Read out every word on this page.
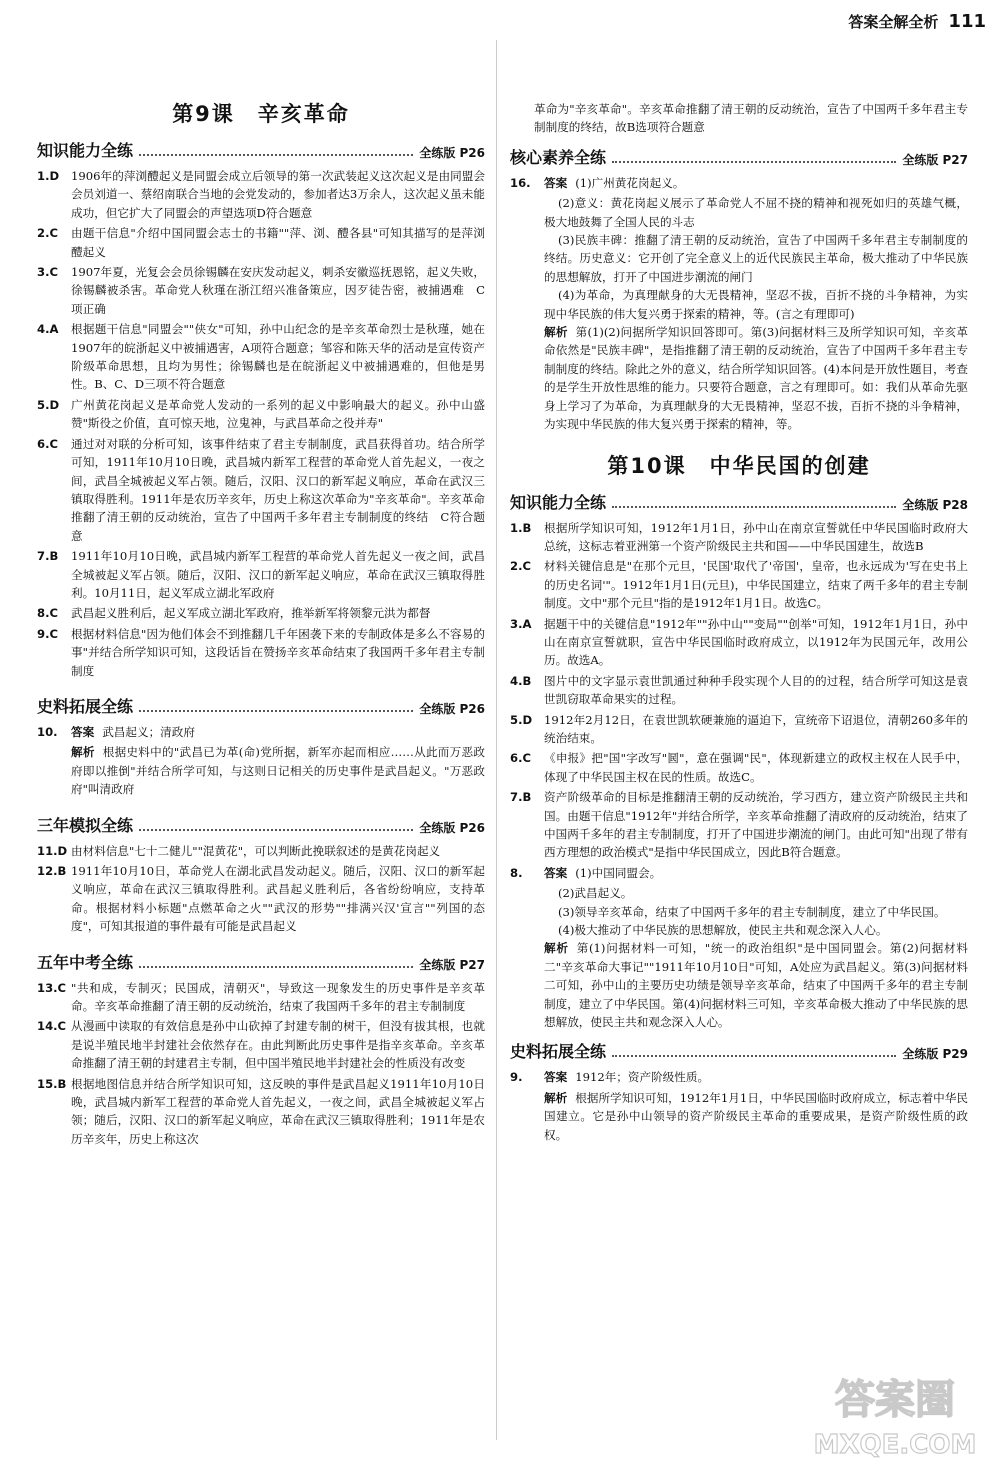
答案全解全析 111
第9课　辛亥革命
知识能力全练	全练版 P26
1.D	1906年的萍浏醴起义是同盟会成立后领导的第一次武装起义这次起义是由同盟会会员刘道一、蔡绍南联合当地的会党发动的，参加者达3万余人，这次起义虽未能成功，但它扩大了同盟会的声望选项D符合题意
2.C	由题干信息"介绍中国同盟会志士的书籍""萍、浏、醴各县"可知其描写的是萍浏醴起义
3.C	1907年夏，光复会会员徐锡麟在安庆发动起义，刺杀安徽巡抚恩铭，起义失败，徐锡麟被杀害。革命党人秋瑾在浙江绍兴准备策应，因歹徒告密，被捕遇难　C项正确
4.A	根据题干信息"同盟会""侠女"可知，孙中山纪念的是辛亥革命烈士是秋瑾，她在1907年的皖浙起义中被捕遇害，A项符合题意；邹容和陈天华的活动是宣传资产阶级革命思想，且均为男性；徐锡麟也是在皖浙起义中被捕遇难的，但他是男性。B、C、D三项不符合题意
5.D	广州黄花岗起义是革命党人发动的一系列的起义中影响最大的起义。孙中山盛赞"斯役之价值，直可惊天地，泣鬼神，与武昌革命之役并寿"
6.C	通过对对联的分析可知，该事件结束了君主专制制度，武昌获得首功。结合所学可知，1911年10月10日晚，武昌城内新军工程营的革命党人首先起义，一夜之间，武昌全城被起义军占领。随后，汉阳、汉口的新军起义响应，革命在武汉三镇取得胜利。1911年是农历辛亥年，历史上称这次革命为"辛亥革命"。辛亥革命推翻了清王朝的反动统治，宣告了中国两千多年君主专制制度的终结　C符合题意
7.B	1911年10月10日晚，武昌城内新军工程营的革命党人首先起义一夜之间，武昌全城被起义军占领。随后，汉阳、汉口的新军起义响应，革命在武汉三镇取得胜利。10月11日，起义军成立湖北军政府
8.C	武昌起义胜利后，起义军成立湖北军政府，推举新军将领黎元洪为都督
9.C	根据材料信息"因为他们体会不到推翻几千年困袭下来的专制政体是多么不容易的事"并结合所学知识可知，这段话旨在赞扬辛亥革命结束了我国两千多年君主专制制度
史料拓展全练	全练版 P26
10.	答案 武昌起义；清政府
解析 根据史料中的"武昌已为革(命)党所据，新军亦起而相应……从此而万恶政府即以推倒"并结合所学可知，与这则日记相关的历史事件是武昌起义。"万恶政府"叫清政府
三年模拟全练	全练版 P26
11.D 由材料信息"七十二健儿""混黄花"，可以判断此挽联叙述的是黄花岗起义
12.B 1911年10月10日，革命党人在湖北武昌发动起义。随后，汉阳、汉口的新军起义响应，革命在武汉三镇取得胜利。武昌起义胜利后，各省纷纷响应，支持革命。根据材料小标题"点燃革命之火""武汉的形势""排满兴汉'宣言""列国的态度"，可知其报道的事件最有可能是武昌起义
五年中考全练	全练版 P27
13.C "共和成，专制灭；民国成，清朝灭"，导致这一现象发生的历史事件是辛亥革命。辛亥革命推翻了清王朝的反动统治，结束了我国两千多年的君主专制制度
14.C 从漫画中读取的有效信息是孙中山砍掉了封建专制的树干，但没有拔其根，也就是说半殖民地半封建社会依然存在。由此判断此历史事件是指辛亥革命。辛亥革命推翻了清王朝的封建君主专制，但中国半殖民地半封建社会的性质没有改变
15.B 根据地图信息并结合所学知识可知，这反映的事件是武昌起义1911年10月10日晚，武昌城内新军工程营的革命党人首先起义，一夜之间，武昌全城被起义军占领；随后，汉阳、汉口的新军起义响应，革命在武汉三镇取得胜利；1911年是农历辛亥年，历史上称这次
革命为"辛亥革命"。辛亥革命推翻了清王朝的反动统治，宣告了中国两千多年君主专制制度的终结，故B选项符合题意
核心素养全练	全练版 P27
16.	答案 (1)广州黄花岗起义。
(2)意义：黄花岗起义展示了革命党人不屈不挠的精神和视死如归的英雄气概，极大地鼓舞了全国人民的斗志
(3)民族丰碑：推翻了清王朝的反动统治，宣告了中国两千多年君主专制制度的终结。历史意义：它开创了完全意义上的近代民族民主革命，极大推动了中华民族的思想解放，打开了中国进步潮流的闸门
(4)为革命，为真理献身的大无畏精神，坚忍不拔，百折不挠的斗争精神，为实现中华民族的伟大复兴勇于探索的精神，等。(言之有理即可)
解析 第(1)(2)问据所学知识回答即可。第(3)问据材料三及所学知识可知，辛亥革命依然是"民族丰碑"，是指推翻了清王朝的反动统治，宣告了中国两千多年君主专制制度的终结。除此之外的意义，结合所学知识回答。(4)本问是开放性题目，考查的是学生开放性思维的能力。只要符合题意，言之有理即可。如：我们从革命先驱身上学习了为革命，为真理献身的大无畏精神，坚忍不拔，百折不挠的斗争精神，为实现中华民族的伟大复兴勇于探索的精神，等。
第10课　中华民国的创建
知识能力全练	全练版 P28
1.B	根据所学知识可知，1912年1月1日，孙中山在南京宣誓就任中华民国临时政府大总统，这标志着亚洲第一个资产阶级民主共和国——中华民国建生，故选B
2.C	材料关键信息是"在那个元旦，'民国'取代了'帝国'，皇帝，也永远成为'写在史书上的历史名词'"。1912年1月1日(元旦)，中华民国建立，结束了两千多年的君主专制制度。文中"那个元旦"指的是1912年1月1日。故选C。
3.A	据题干中的关键信息"1912年""孙中山""变局""创举"可知，1912年1月1日，孙中山在南京宣誓就职，宣告中华民国临时政府成立，以1912年为民国元年，改用公历。故选A。
4.B	图片中的文字显示袁世凯通过种种手段实现个人目的的过程，结合所学可知这是袁世凯窃取革命果实的过程。
5.D	1912年2月12日，在袁世凯软硬兼施的逼迫下，宣统帝下诏退位，清朝260多年的统治结束。
6.C	《申报》把"国"字改写"囻"，意在强调"民"，体现新建立的政权主权在人民手中，体现了中华民国主权在民的性质。故选C。
7.B	资产阶级革命的目标是推翻清王朝的反动统治，学习西方，建立资产阶级民主共和国。由题干信息"1912年"并结合所学，辛亥革命推翻了清政府的反动统治，结束了中国两千多年的君主专制制度，打开了中国进步潮流的闸门。由此可知"出现了带有西方理想的政治模式"是指中华民国成立，因此B符合题意。
8.	答案 (1)中国同盟会。
(2)武昌起义。
(3)领导辛亥革命，结束了中国两千多年的君主专制制度，建立了中华民国。
(4)极大推动了中华民族的思想解放，使民主共和观念深入人心。
解析 第(1)问据材料一可知，"统一的政治组织"是中国同盟会。第(2)问据材料二"辛亥革命大事记""1911年10月10日"可知，A处应为武昌起义。第(3)问据材料二可知，孙中山的主要历史功绩是领导辛亥革命，结束了中国两千多年的君主专制制度，建立了中华民国。第(4)问据材料三可知，辛亥革命极大推动了中华民族的思想解放，使民主共和观念深入人心。
史料拓展全练	全练版 P29
9.	答案 1912年；资产阶级性质。
解析 根据所学知识可知，1912年1月1日，中华民国临时政府成立，标志着中华民国建立。它是孙中山领导的资产阶级民主革命的重要成果，是资产阶级性质的政权。
答案圈
MXQE.COM
